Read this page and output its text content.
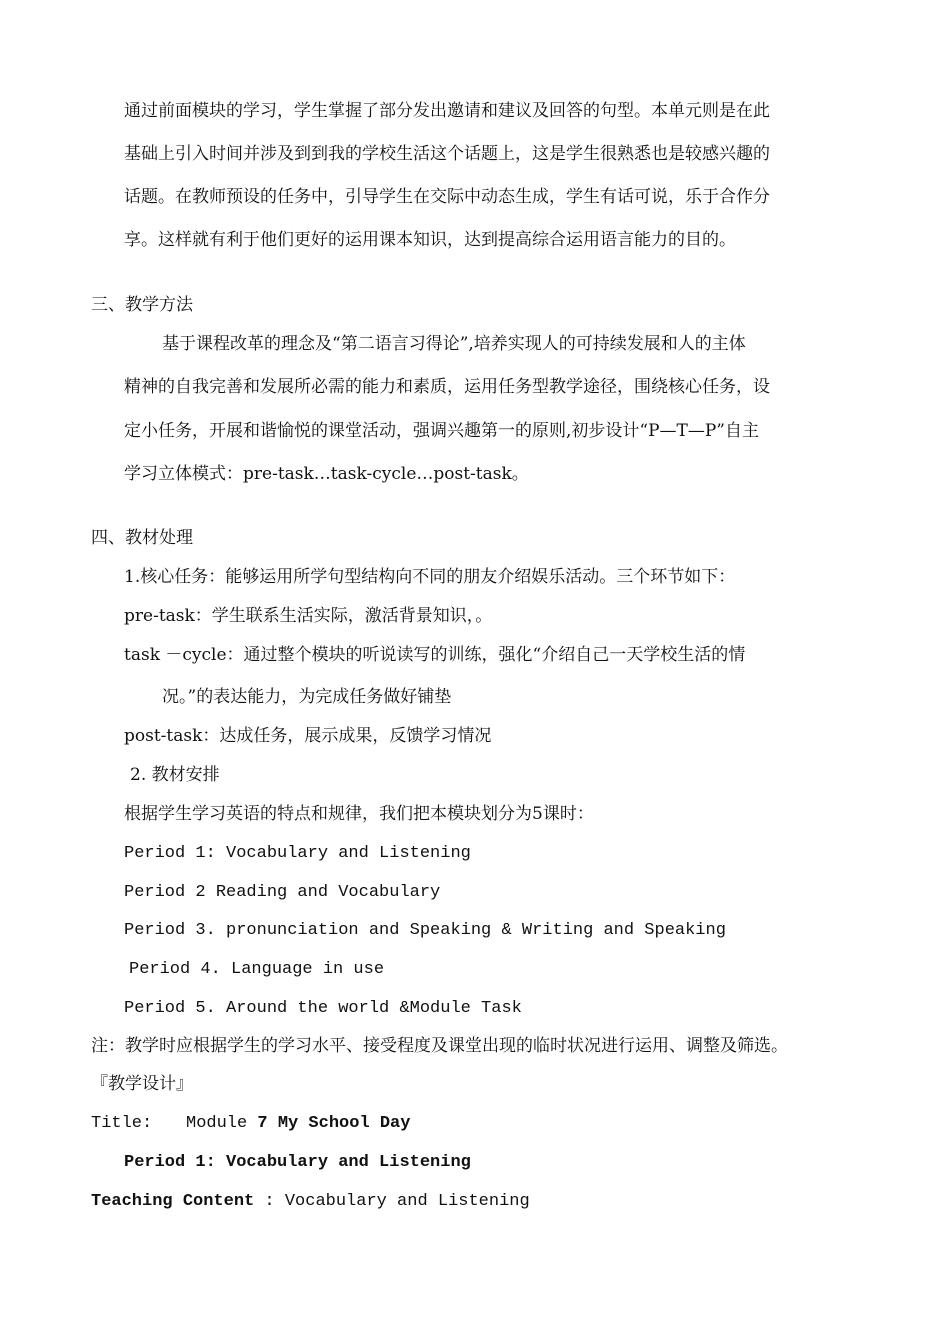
通过前面模块的学习，学生掌握了部分发出邀请和建议及回答的句型。本单元则是在此
基础上引入时间并涉及到到我的学校生活这个话题上，这是学生很熟悉也是较感兴趣的
话题。在教师预设的任务中，引导学生在交际中动态生成，学生有话可说，乐于合作分
享。这样就有利于他们更好的运用课本知识，达到提高综合运用语言能力的目的。
三、教学方法
基于课程改革的理念及“第二语言习得论”,培养实现人的可持续发展和人的主体
精神的自我完善和发展所必需的能力和素质，运用任务型教学途径，围绕核心任务，设
定小任务，开展和谐愉悦的课堂活动，强调兴趣第一的原则,初步设计“P—T—P”自主
学习立体模式：pre-task…task-cycle…post-task。
四、教材处理
1.核心任务：能够运用所学句型结构向不同的朋友介绍娱乐活动。三个环节如下：
pre-task：学生联系生活实际，激活背景知识，。
task －cycle：通过整个模块的听说读写的训练，强化“介绍自己一天学校生活的情
况。”的表达能力，为完成任务做好铺垫
post-task：达成任务，展示成果，反馈学习情况
2. 教材安排
根据学生学习英语的特点和规律，我们把本模块划分为5课时：
Period 1: Vocabulary and Listening
Period 2 Reading and Vocabulary
Period 3. pronunciation and Speaking & Writing and Speaking
Period 4. Language in use
Period 5. Around the world &Module Task
注：教学时应根据学生的学习水平、接受程度及课堂出现的临时状况进行运用、调整及筛选。
『教学设计』
Title: Module 7 My School Day
Period 1: Vocabulary and Listening
Teaching Content : Vocabulary and Listening
